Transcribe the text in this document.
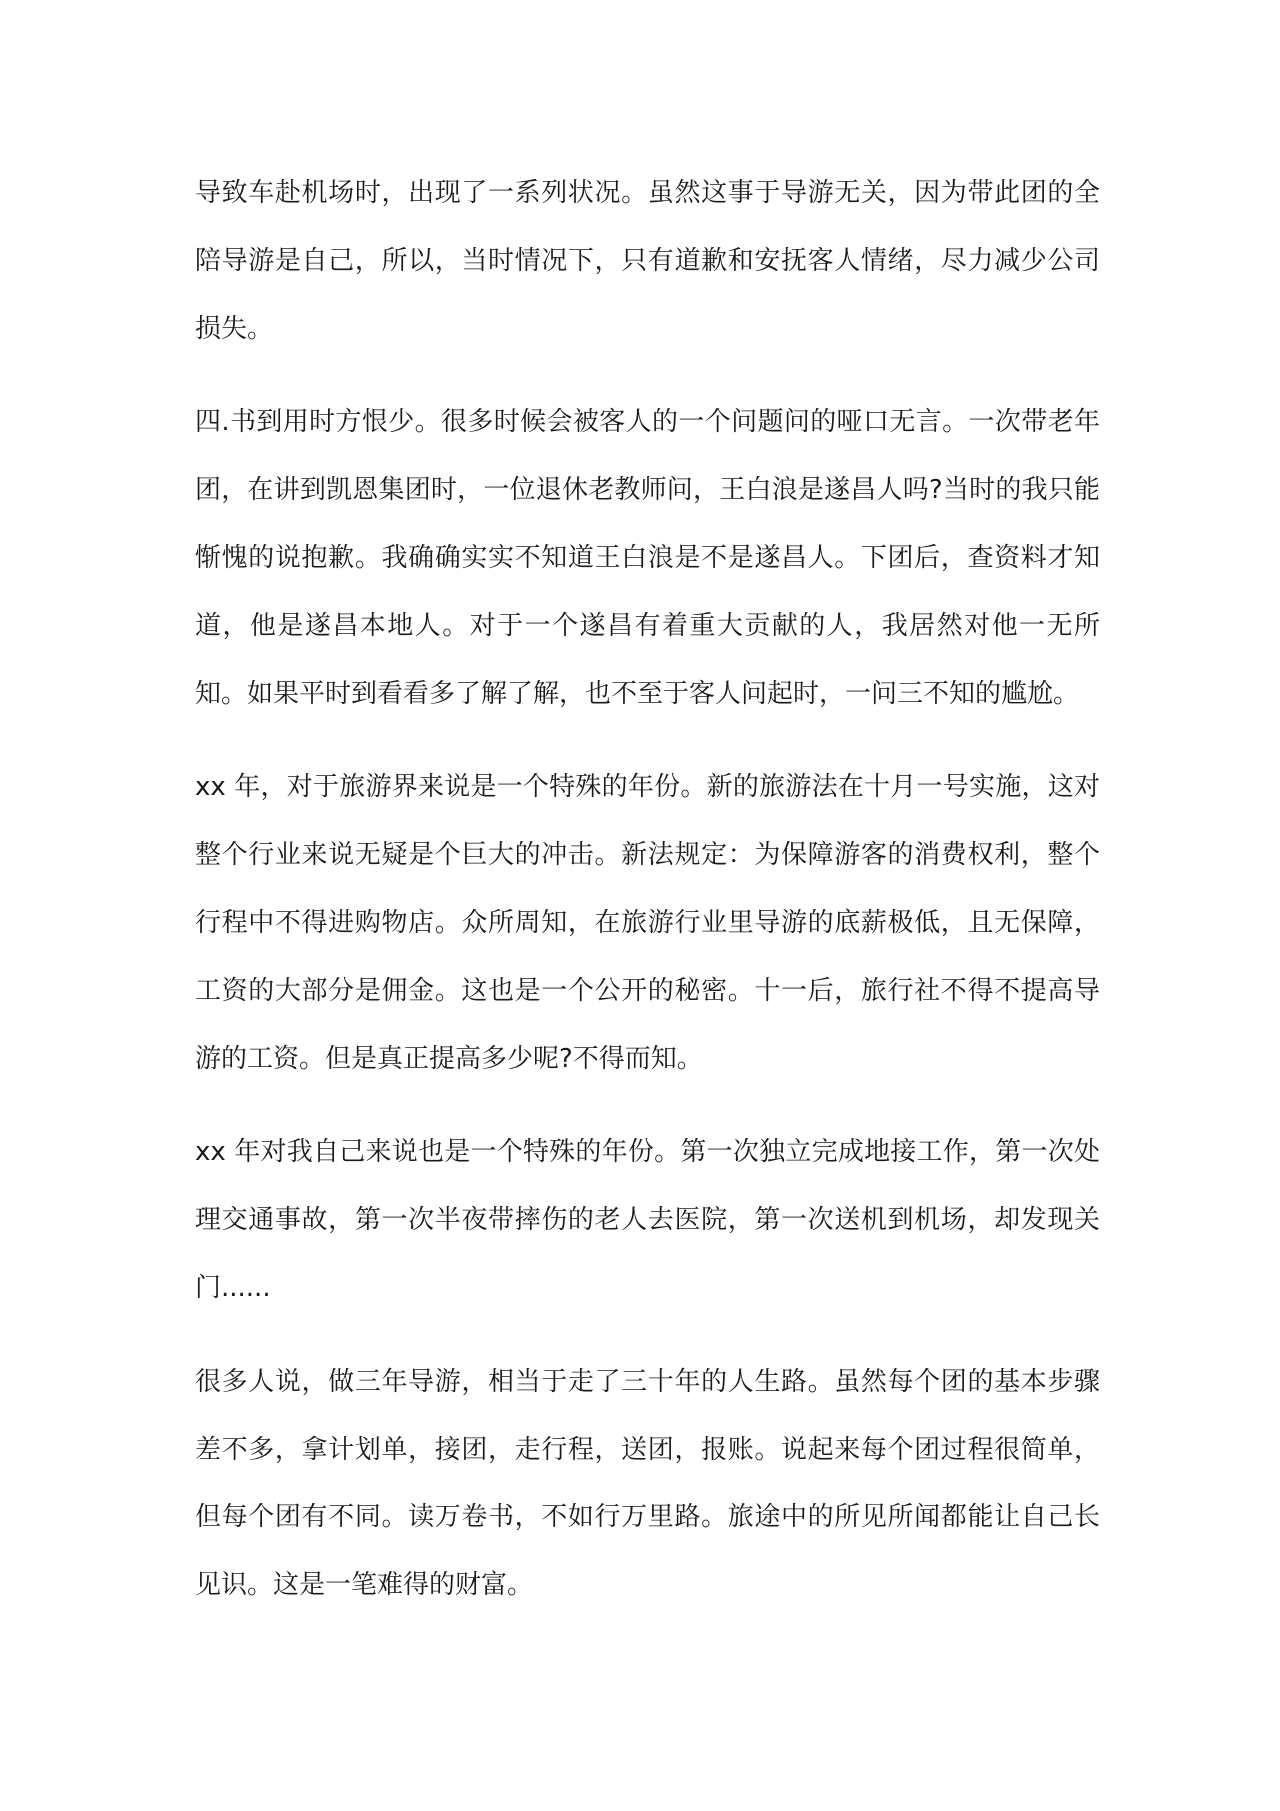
导致车赴机场时，出现了一系列状况。虽然这事于导游无关，因为带此团的全陪导游是自己，所以，当时情况下，只有道歉和安抚客人情绪，尽力减少公司损失。

四.书到用时方恨少。很多时候会被客人的一个问题问的哑口无言。一次带老年团，在讲到凯恩集团时，一位退休老教师问，王白浪是遂昌人吗?当时的我只能惭愧的说抱歉。我确确实实不知道王白浪是不是遂昌人。下团后，查资料才知道，他是遂昌本地人。对于一个遂昌有着重大贡献的人，我居然对他一无所知。如果平时到看看多了解了解，也不至于客人问起时，一问三不知的尴尬。

xx 年，对于旅游界来说是一个特殊的年份。新的旅游法在十月一号实施，这对整个行业来说无疑是个巨大的冲击。新法规定：为保障游客的消费权利，整个行程中不得进购物店。众所周知，在旅游行业里导游的底薪极低，且无保障，工资的大部分是佣金。这也是一个公开的秘密。十一后，旅行社不得不提高导游的工资。但是真正提高多少呢?不得而知。

xx 年对我自己来说也是一个特殊的年份。第一次独立完成地接工作，第一次处理交通事故，第一次半夜带摔伤的老人去医院，第一次送机到机场，却发现关门......

很多人说，做三年导游，相当于走了三十年的人生路。虽然每个团的基本步骤差不多，拿计划单，接团，走行程，送团，报账。说起来每个团过程很简单，但每个团有不同。读万卷书，不如行万里路。旅途中的所见所闻都能让自己长见识。这是一笔难得的财富。
